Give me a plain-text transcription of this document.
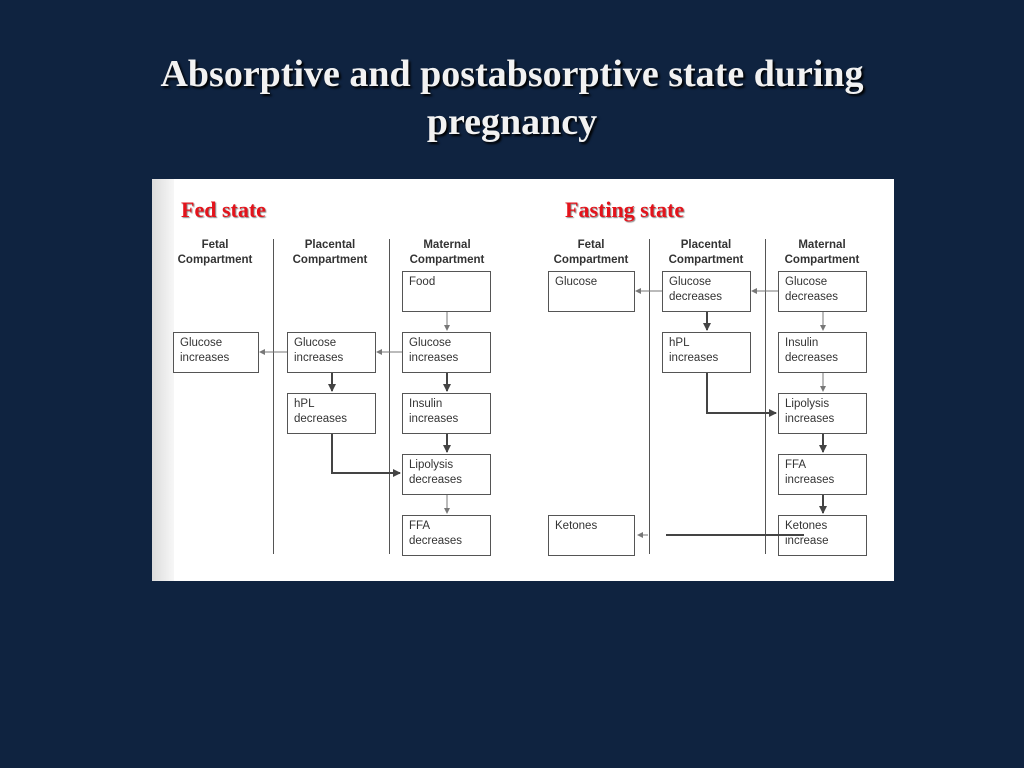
Absorptive and postabsorptive state during
pregnancy
Fed state
Fetal
Compartment
Placental
Compartment
Maternal
Compartment
Food
Glucose
increases
Glucose
increases
Glucose
increases
hPL
decreases
Insulin
increases
Lipolysis
decreases
FFA
decreases
Fasting state
Fetal
Compartment
Placental
Compartment
Maternal
Compartment
Glucose	Glucose
decreases
Glucose
decreases
hPL
increases
Insulin
decreases
Lipolysis
increases
FFA
increases
Ketones	Ketones
increase
